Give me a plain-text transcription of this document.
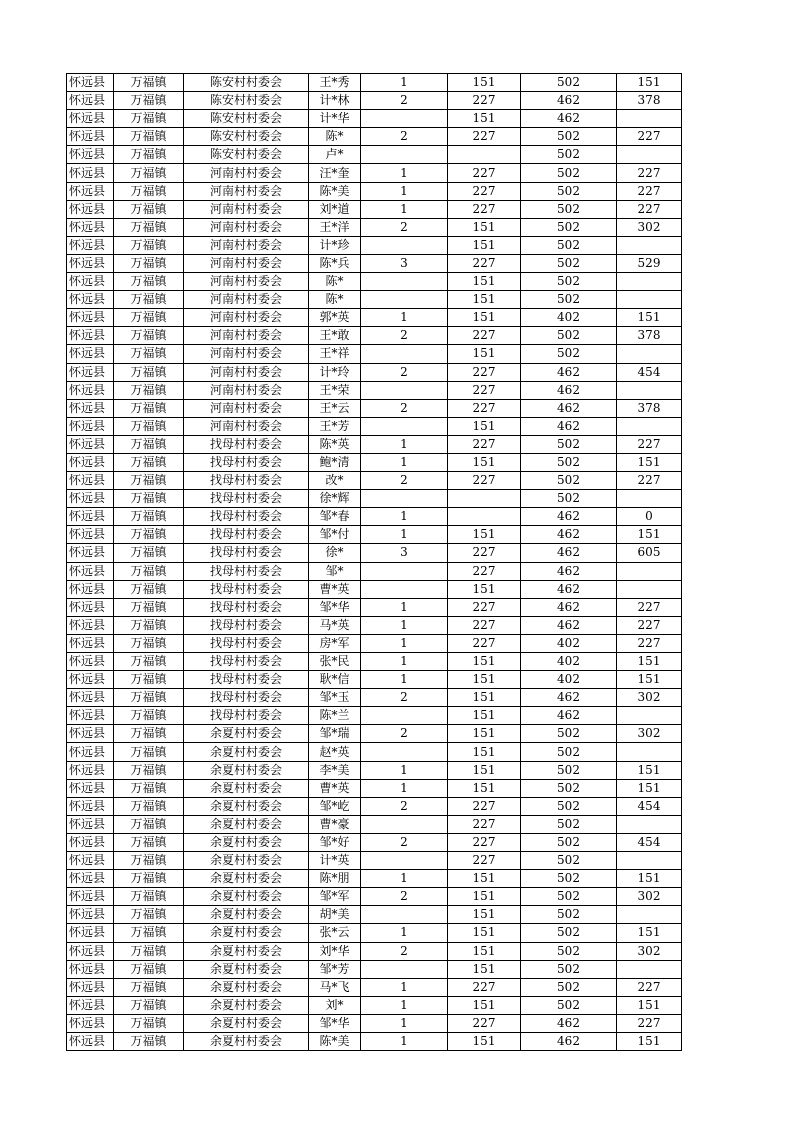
怀远县	万福镇	陈安村村委会	王*秀	1	151	502	151
怀远县	万福镇	陈安村村委会	计*林	2	227	462	378
怀远县	万福镇	陈安村村委会	计*华		151	462	
怀远县	万福镇	陈安村村委会	陈*	2	227	502	227
怀远县	万福镇	陈安村村委会	卢*			502	
怀远县	万福镇	河南村村委会	汪*奎	1	227	502	227
怀远县	万福镇	河南村村委会	陈*美	1	227	502	227
怀远县	万福镇	河南村村委会	刘*道	1	227	502	227
怀远县	万福镇	河南村村委会	王*洋	2	151	502	302
怀远县	万福镇	河南村村委会	计*珍		151	502	
怀远县	万福镇	河南村村委会	陈*兵	3	227	502	529
怀远县	万福镇	河南村村委会	陈*		151	502	
怀远县	万福镇	河南村村委会	陈*		151	502	
怀远县	万福镇	河南村村委会	郭*英	1	151	402	151
怀远县	万福镇	河南村村委会	王*敢	2	227	502	378
怀远县	万福镇	河南村村委会	王*祥		151	502	
怀远县	万福镇	河南村村委会	计*玲	2	227	462	454
怀远县	万福镇	河南村村委会	王*荣		227	462	
怀远县	万福镇	河南村村委会	王*云	2	227	462	378
怀远县	万福镇	河南村村委会	王*芳		151	462	
怀远县	万福镇	找母村村委会	陈*英	1	227	502	227
怀远县	万福镇	找母村村委会	鲍*清	1	151	502	151
怀远县	万福镇	找母村村委会	改*	2	227	502	227
怀远县	万福镇	找母村村委会	徐*辉			502	
怀远县	万福镇	找母村村委会	邹*春	1		462	0
怀远县	万福镇	找母村村委会	邹*付	1	151	462	151
怀远县	万福镇	找母村村委会	徐*	3	227	462	605
怀远县	万福镇	找母村村委会	邹*		227	462	
怀远县	万福镇	找母村村委会	曹*英		151	462	
怀远县	万福镇	找母村村委会	邹*华	1	227	462	227
怀远县	万福镇	找母村村委会	马*英	1	227	462	227
怀远县	万福镇	找母村村委会	房*军	1	227	402	227
怀远县	万福镇	找母村村委会	张*民	1	151	402	151
怀远县	万福镇	找母村村委会	耿*信	1	151	402	151
怀远县	万福镇	找母村村委会	邹*玉	2	151	462	302
怀远县	万福镇	找母村村委会	陈*兰		151	462	
怀远县	万福镇	余夏村村委会	邹*瑞	2	151	502	302
怀远县	万福镇	余夏村村委会	赵*英		151	502	
怀远县	万福镇	余夏村村委会	李*美	1	151	502	151
怀远县	万福镇	余夏村村委会	曹*英	1	151	502	151
怀远县	万福镇	余夏村村委会	邹*屹	2	227	502	454
怀远县	万福镇	余夏村村委会	曹*豪		227	502	
怀远县	万福镇	余夏村村委会	邹*好	2	227	502	454
怀远县	万福镇	余夏村村委会	计*英		227	502	
怀远县	万福镇	余夏村村委会	陈*朋	1	151	502	151
怀远县	万福镇	余夏村村委会	邹*军	2	151	502	302
怀远县	万福镇	余夏村村委会	胡*美		151	502	
怀远县	万福镇	余夏村村委会	张*云	1	151	502	151
怀远县	万福镇	余夏村村委会	刘*华	2	151	502	302
怀远县	万福镇	余夏村村委会	邹*芳		151	502	
怀远县	万福镇	余夏村村委会	马*飞	1	227	502	227
怀远县	万福镇	余夏村村委会	刘*	1	151	502	151
怀远县	万福镇	余夏村村委会	邹*华	1	227	462	227
怀远县	万福镇	余夏村村委会	陈*美	1	151	462	151
